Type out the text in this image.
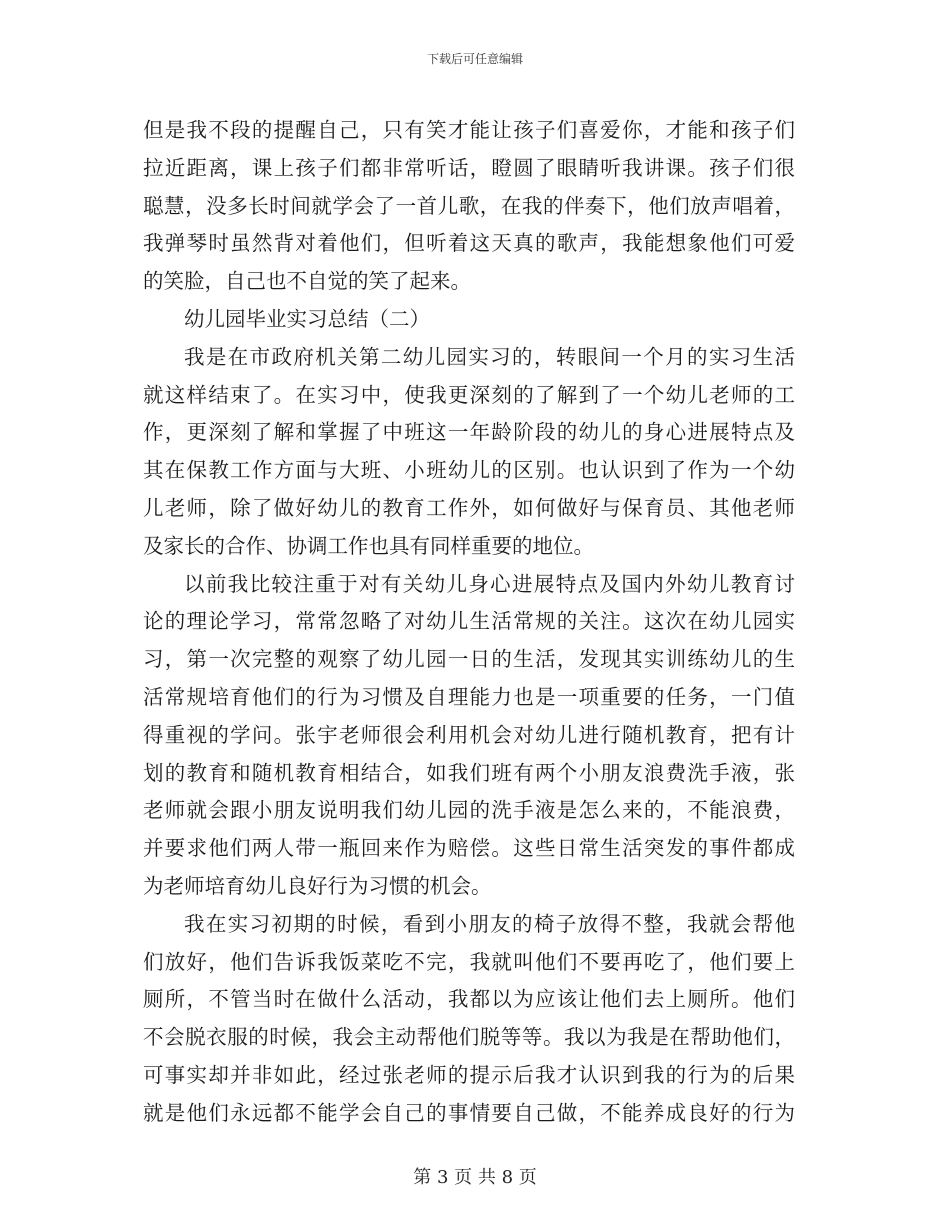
下载后可任意编辑
但是我不段的提醒自己，只有笑才能让孩子们喜爱你，才能和孩子们
拉近距离，课上孩子们都非常听话，瞪圆了眼睛听我讲课。孩子们很
聪慧，没多长时间就学会了一首儿歌，在我的伴奏下，他们放声唱着，
我弹琴时虽然背对着他们，但听着这天真的歌声，我能想象他们可爱
的笑脸，自己也不自觉的笑了起来。
幼儿园毕业实习总结（二）
我是在市政府机关第二幼儿园实习的，转眼间一个月的实习生活
就这样结束了。在实习中，使我更深刻的了解到了一个幼儿老师的工
作，更深刻了解和掌握了中班这一年龄阶段的幼儿的身心进展特点及
其在保教工作方面与大班、小班幼儿的区别。也认识到了作为一个幼
儿老师，除了做好幼儿的教育工作外，如何做好与保育员、其他老师
及家长的合作、协调工作也具有同样重要的地位。
以前我比较注重于对有关幼儿身心进展特点及国内外幼儿教育讨
论的理论学习，常常忽略了对幼儿生活常规的关注。这次在幼儿园实
习，第一次完整的观察了幼儿园一日的生活，发现其实训练幼儿的生
活常规培育他们的行为习惯及自理能力也是一项重要的任务，一门值
得重视的学问。张宇老师很会利用机会对幼儿进行随机教育，把有计
划的教育和随机教育相结合，如我们班有两个小朋友浪费洗手液，张
老师就会跟小朋友说明我们幼儿园的洗手液是怎么来的，不能浪费，
并要求他们两人带一瓶回来作为赔偿。这些日常生活突发的事件都成
为老师培育幼儿良好行为习惯的机会。
我在实习初期的时候，看到小朋友的椅子放得不整，我就会帮他
们放好，他们告诉我饭菜吃不完，我就叫他们不要再吃了，他们要上
厕所，不管当时在做什么活动，我都以为应该让他们去上厕所。他们
不会脱衣服的时候，我会主动帮他们脱等等。我以为我是在帮助他们，
可事实却并非如此，经过张老师的提示后我才认识到我的行为的后果
就是他们永远都不能学会自己的事情要自己做，不能养成良好的行为
第 3 页 共 8 页
